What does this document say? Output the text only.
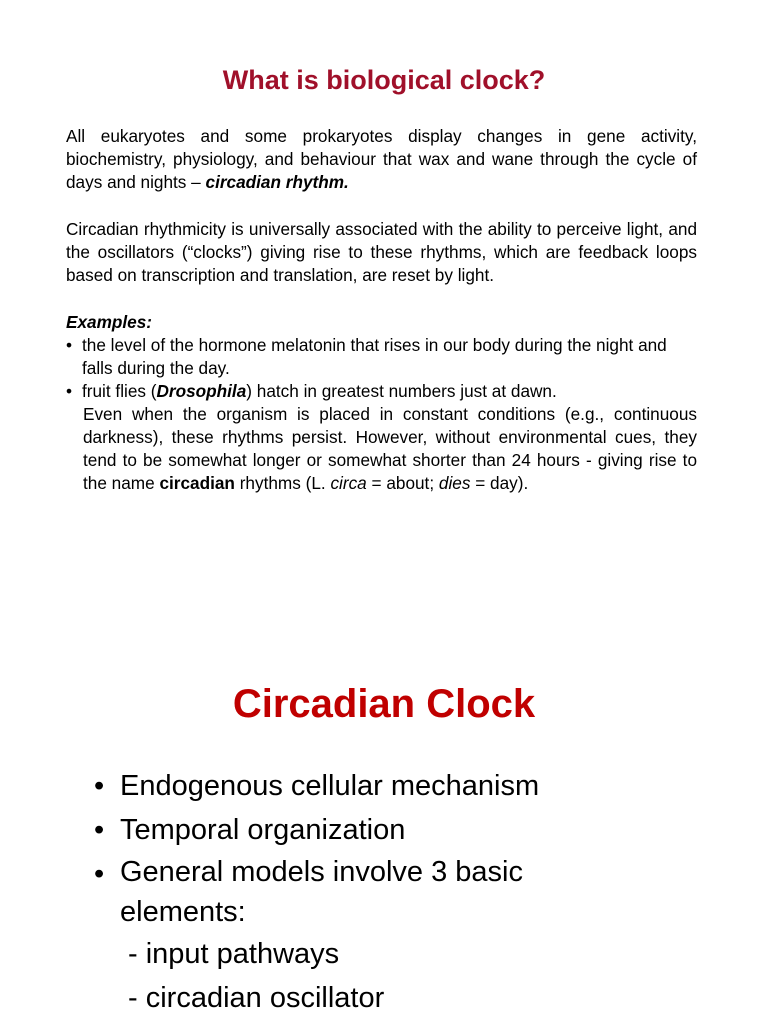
What is biological clock?

All eukaryotes and some prokaryotes display changes in gene activity, biochemistry, physiology, and behaviour that wax and wane through the cycle of days and nights – circadian rhythm.

Circadian rhythmicity is universally associated with the ability to perceive light, and the oscillators (“clocks”) giving rise to these rhythms, which are feedback loops based on transcription and translation, are reset by light.

Examples:

• the level of the hormone melatonin that rises in our body during the night and falls during the day.
• fruit flies (Drosophila) hatch in greatest numbers just at dawn.

Even when the organism is placed in constant conditions (e.g., continuous darkness), these rhythms persist. However, without environmental cues, they tend to be somewhat longer or somewhat shorter than 24 hours - giving rise to the name circadian rhythms (L. circa = about; dies = day).

Circadian Clock
• Endogenous cellular mechanism
• Temporal organization
• General models involve 3 basic
elements:
- input pathways
- circadian oscillator
